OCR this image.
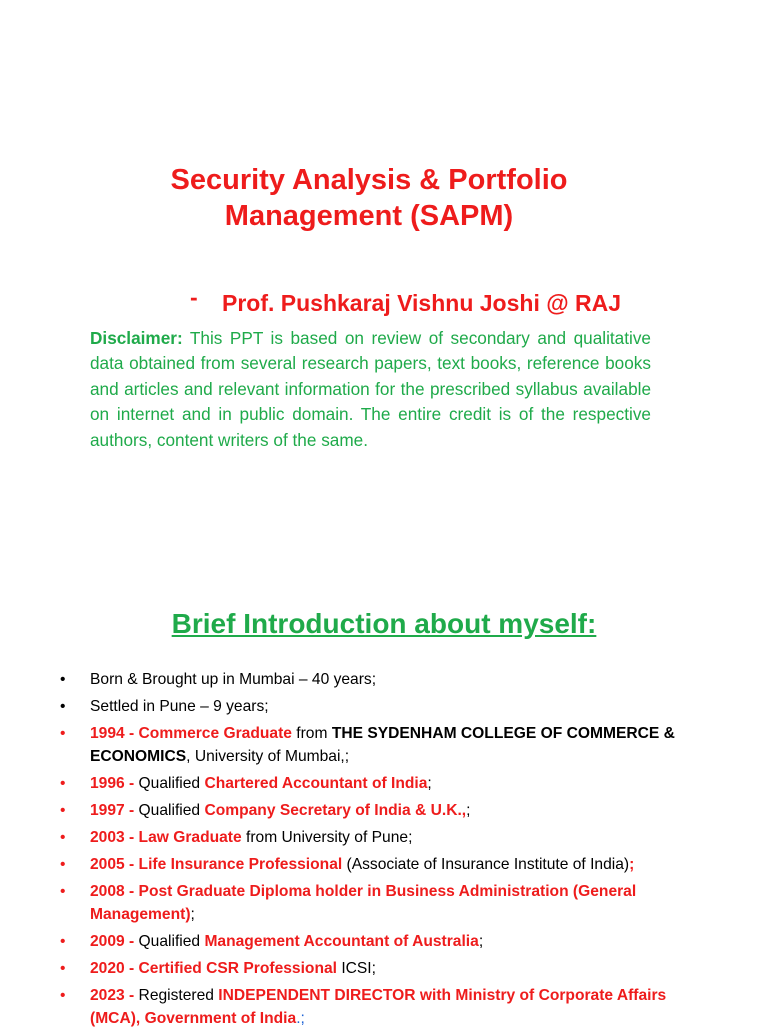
Security Analysis & Portfolio
Management (SAPM)
- Prof. Pushkaraj Vishnu Joshi @ RAJ
Disclaimer: This PPT is based on review of secondary and qualitative data obtained from several research papers, text books, reference books and articles and relevant information for the prescribed syllabus available on internet and in public domain. The entire credit is of the respective authors, content writers of the same.
Brief Introduction about myself:
•	Born & Brought up in Mumbai – 40 years;
•	Settled in Pune – 9 years;
•	1994 - Commerce Graduate from THE SYDENHAM COLLEGE OF COMMERCE & ECONOMICS, University of Mumbai,;
•	1996 - Qualified Chartered Accountant of India;
•	1997 - Qualified Company Secretary of India & U.K.,;
•	2003 - Law Graduate from University of Pune;
•	2005 - Life Insurance Professional (Associate of Insurance Institute of India);
•	2008 - Post Graduate Diploma holder in Business Administration (General Management);
•	2009 - Qualified Management Accountant of Australia;
•	2020 - Certified CSR Professional ICSI;
•	2023 - Registered INDEPENDENT DIRECTOR with Ministry of Corporate Affairs (MCA), Government of India.;
